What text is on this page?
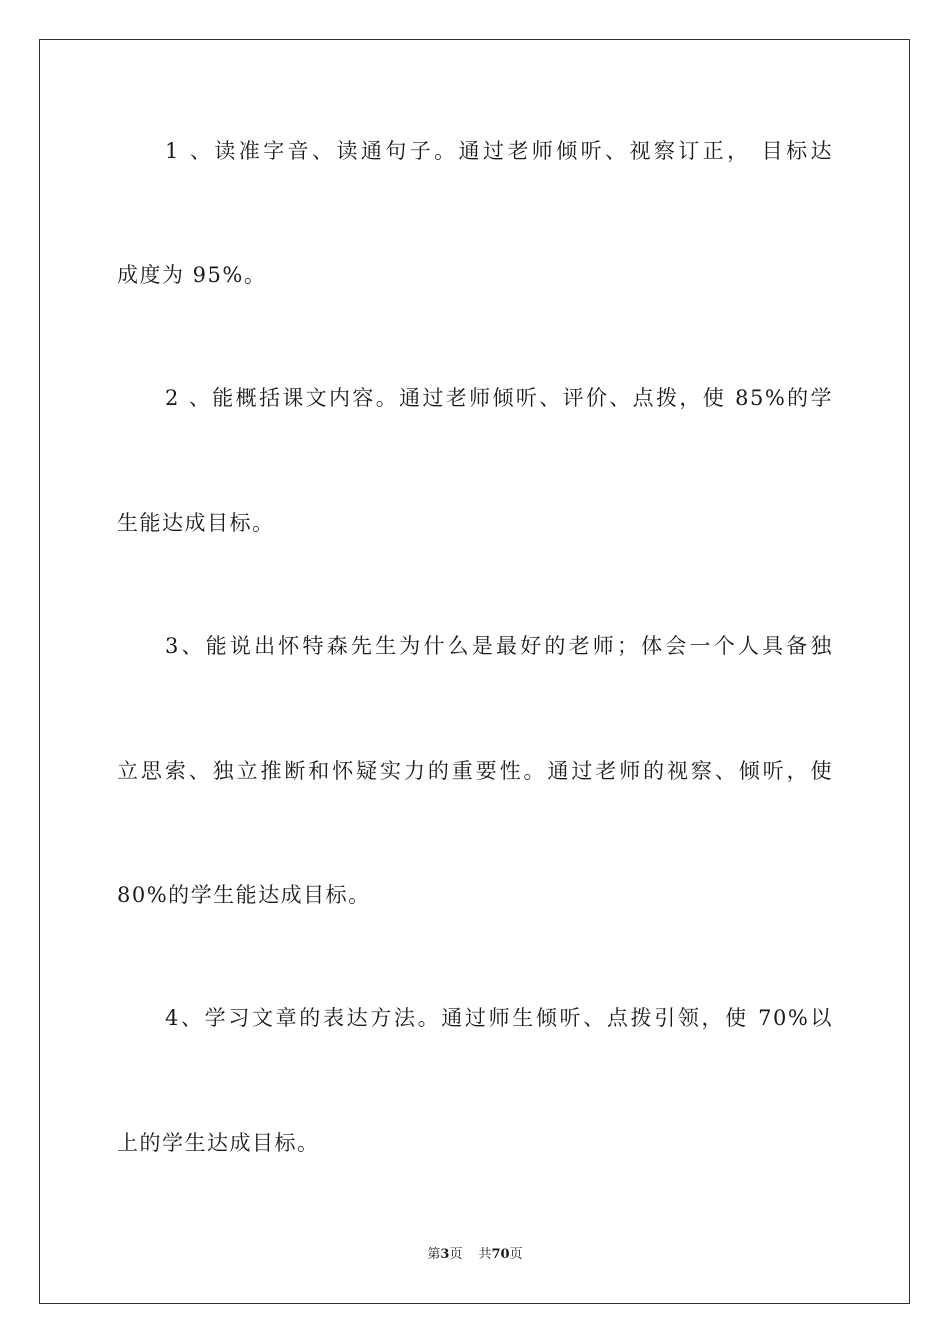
1 、读准字音、读通句子。通过老师倾听、视察订正， 目标达
成度为 95%。
2 、能概括课文内容。通过老师倾听、评价、点拨，使 85%的学
生能达成目标。
3、能说出怀特森先生为什么是最好的老师；体会一个人具备独
立思索、独立推断和怀疑实力的重要性。通过老师的视察、倾听，使
80%的学生能达成目标。
4、学习文章的表达方法。通过师生倾听、点拨引领，使 70%以
上的学生达成目标。
第3页 共70页
